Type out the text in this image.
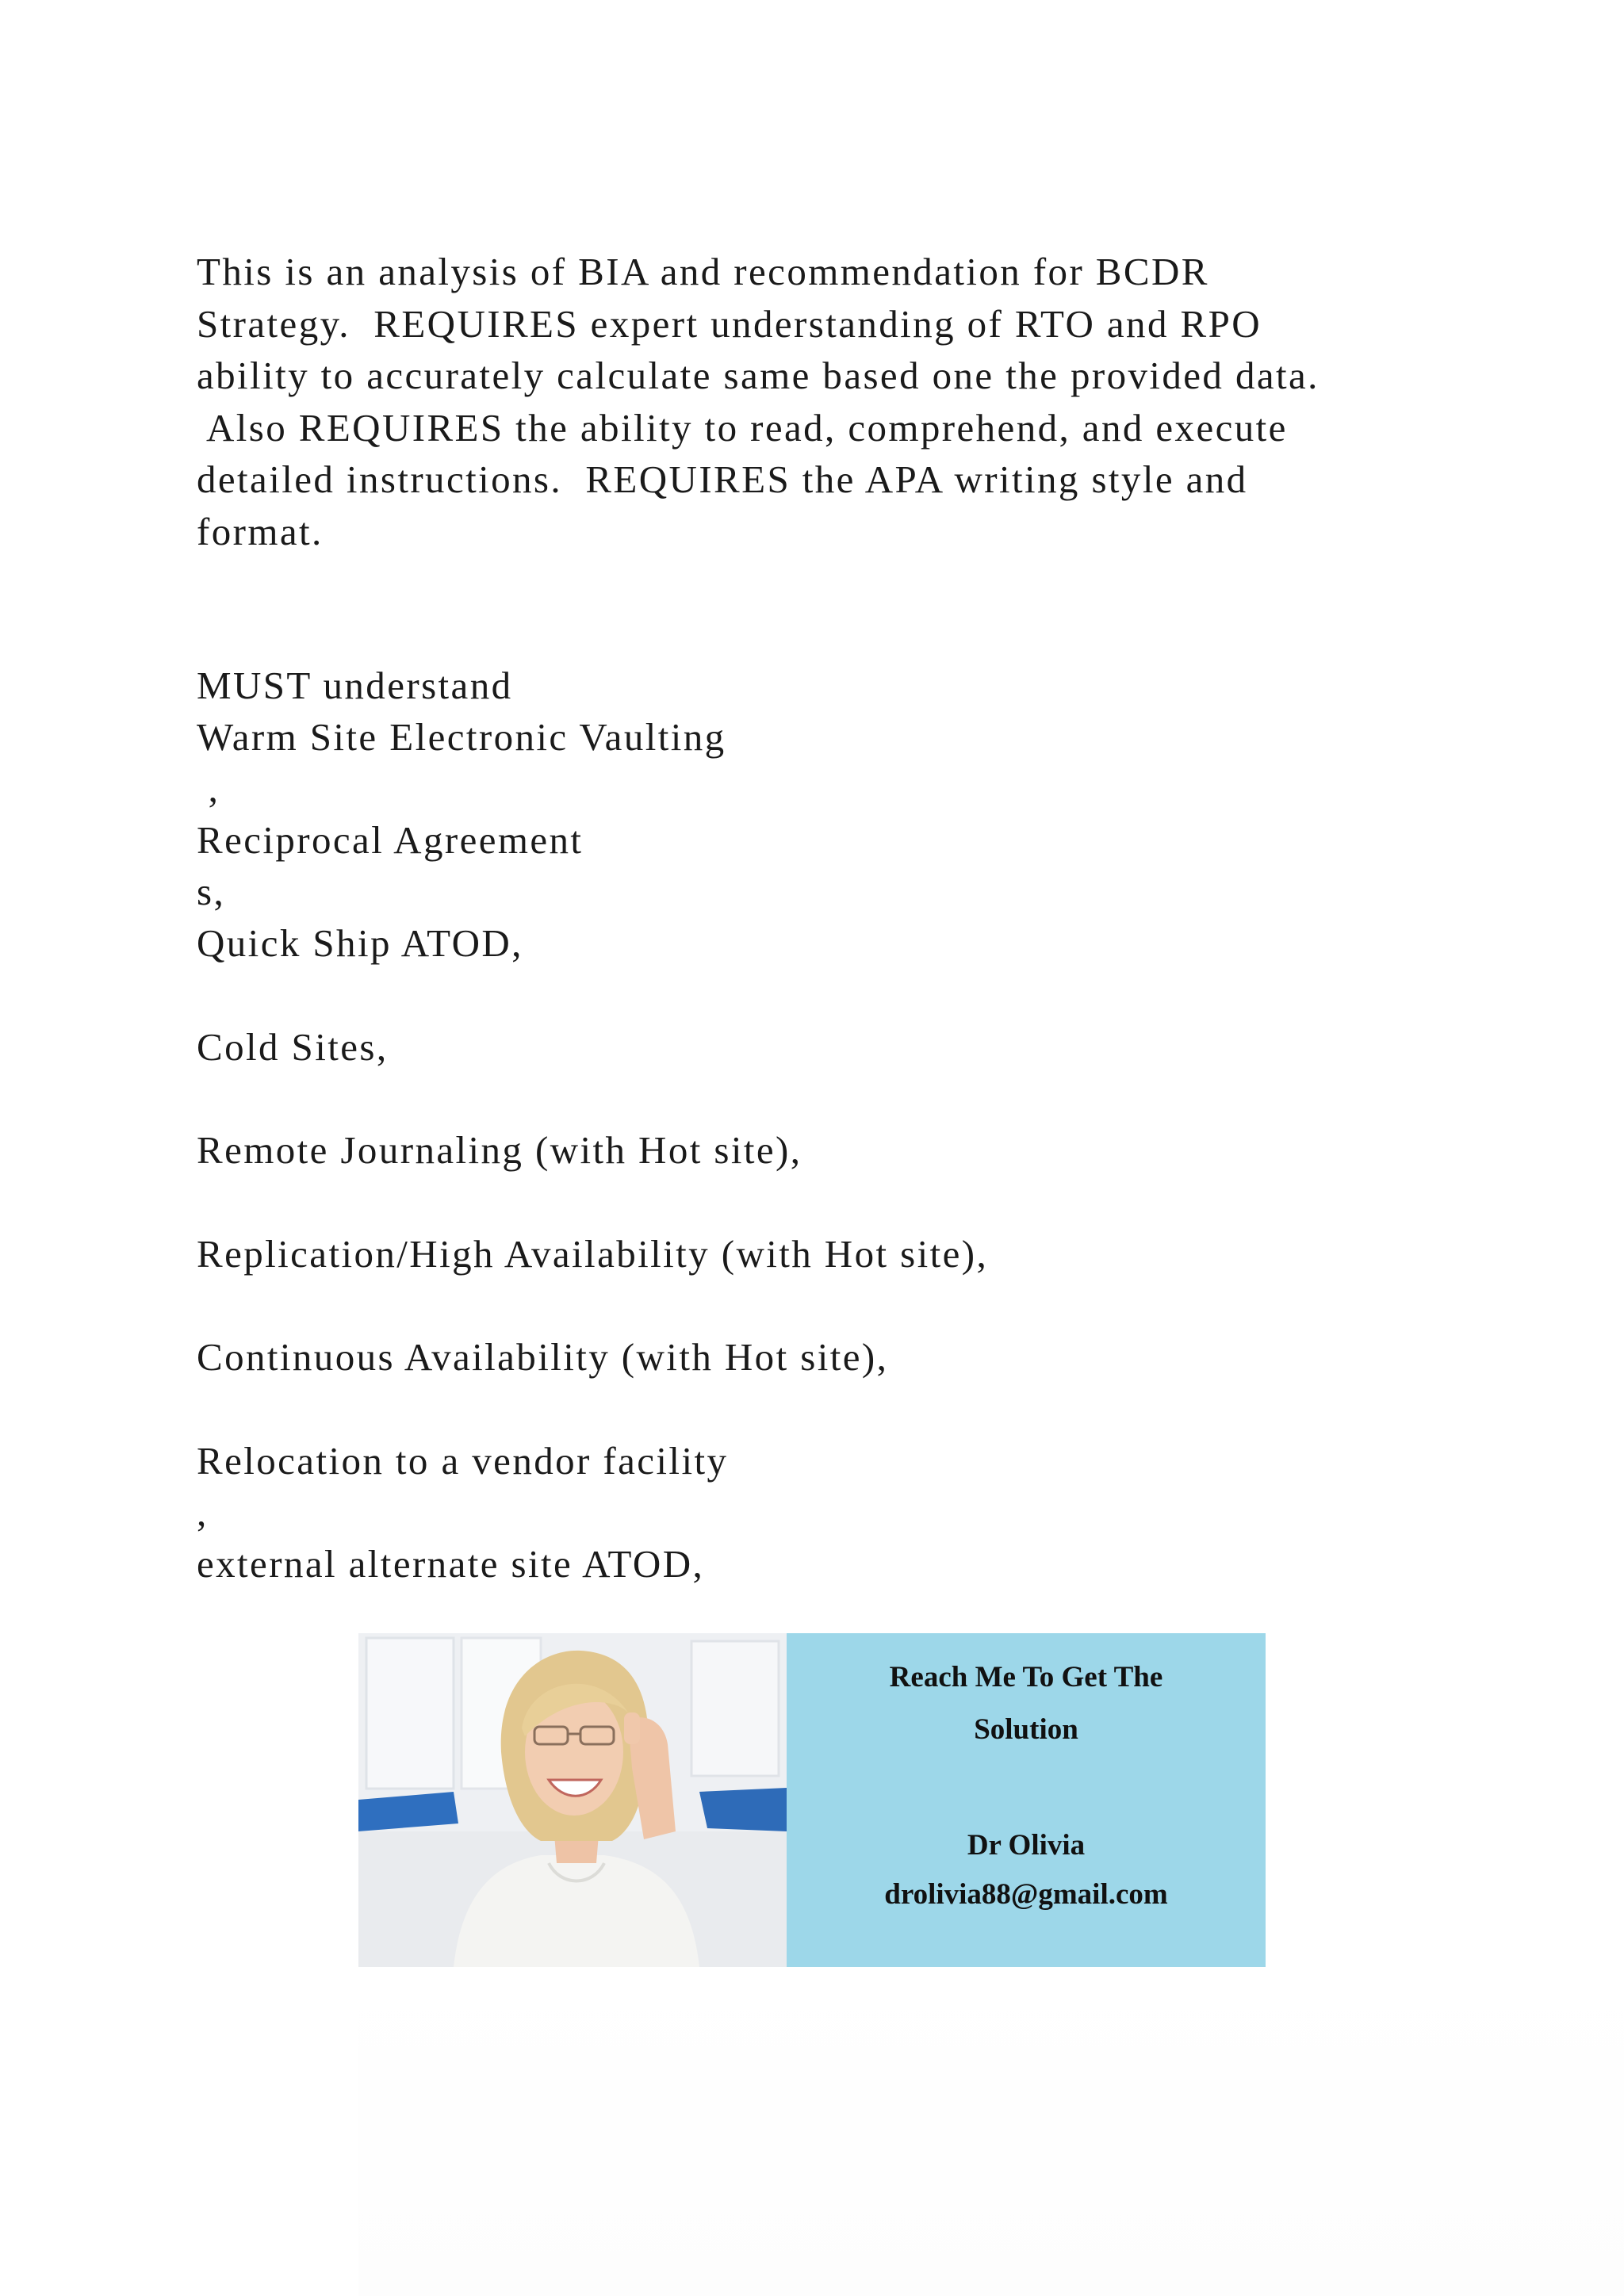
This is an analysis of BIA and recommendation for BCDR
Strategy.  REQUIRES expert understanding of RTO and RPO
ability to accurately calculate same based one the provided data.
Also REQUIRES the ability to read, comprehend, and execute
detailed instructions.  REQUIRES the APA writing style and
format.
MUST understand
Warm Site Electronic Vaulting
,
Reciprocal Agreement
s,
Quick Ship ATOD,
Cold Sites,
Remote Journaling (with Hot site),
Replication/High Availability (with Hot site),
Continuous Availability (with Hot site),
Relocation to a vendor facility
,
external alternate site ATOD,
Reach Me To Get The
Solution
Dr Olivia
drolivia88@gmail.com
